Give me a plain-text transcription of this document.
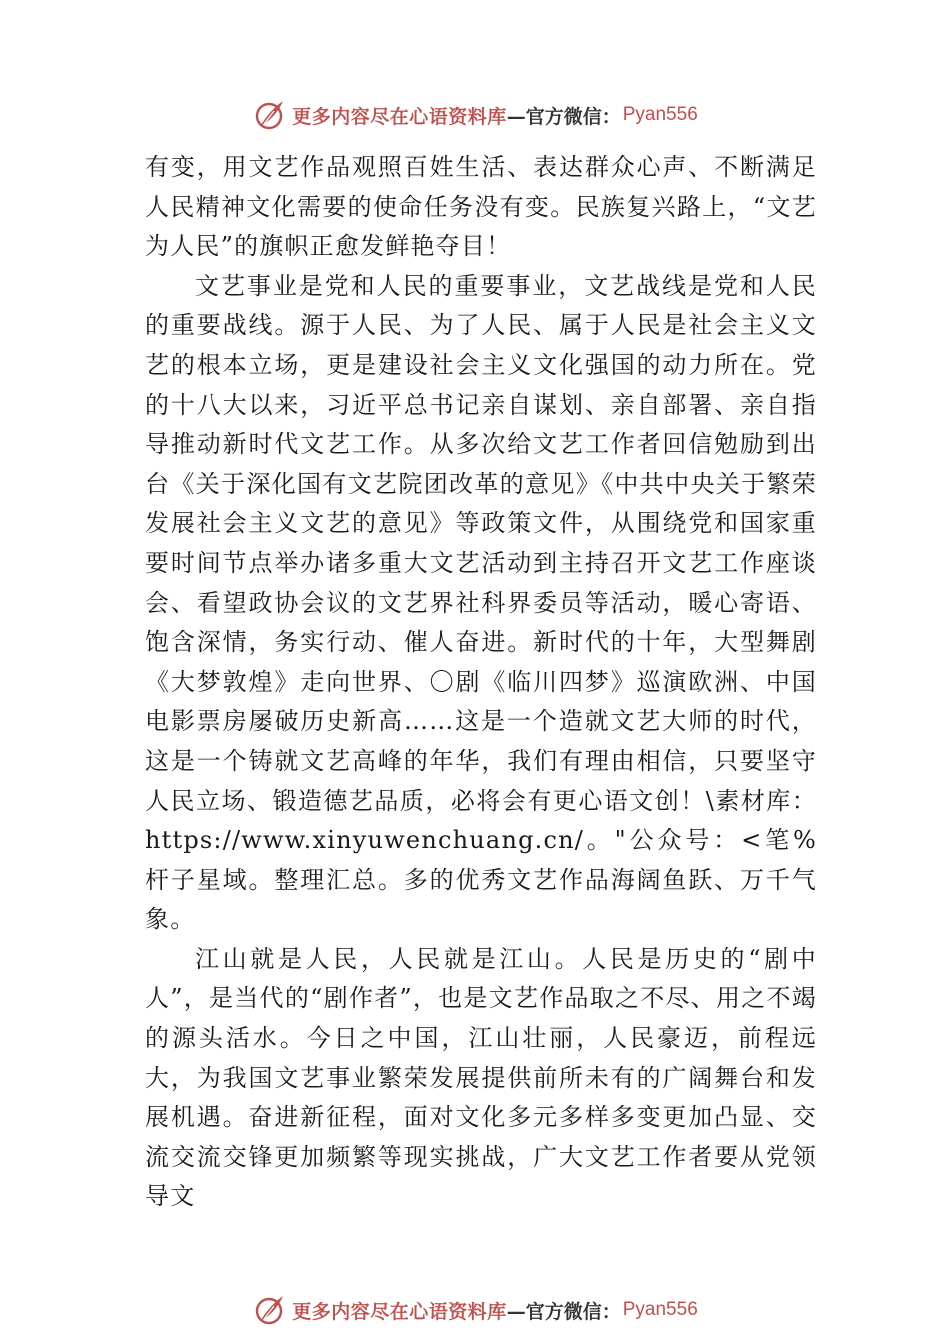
更多内容尽在心语资料库 —官方微信： Pyan556

有变，用文艺作品观照百姓生活、表达群众心声、不断满足人民精神文化需要的使命任务没有变。民族复兴路上，“文艺为人民”的旗帜正愈发鲜艳夺目！

文艺事业是党和人民的重要事业，文艺战线是党和人民的重要战线。源于人民、为了人民、属于人民是社会主义文艺的根本立场，更是建设社会主义文化强国的动力所在。党的十八大以来，习近平总书记亲自谋划、亲自部署、亲自指导推动新时代文艺工作。从多次给文艺工作者回信勉励到出台《关于深化国有文艺院团改革的意见》《中共中央关于繁荣发展社会主义文艺的意见》等政策文件，从围绕党和国家重要时间节点举办诸多重大文艺活动到主持召开文艺工作座谈会、看望政协会议的文艺界社科界委员等活动，暖心寄语、饱含深情，务实行动、催人奋进。新时代的十年，大型舞剧《大梦敦煌》走向世界、〇剧《临川四梦》巡演欧洲、中国电影票房屡破历史新高……这是一个造就文艺大师的时代，这是一个铸就文艺高峰的年华，我们有理由相信，只要坚守人民立场、锻造德艺品质，必将会有更心语文创！\素材库：https://www.xinyuwenchuang.cn/。"公众号：<笔%杆子星域。整理汇总。多的优秀文艺作品海阔鱼跃、万千气象。

江山就是人民，人民就是江山。人民是历史的“剧中人”，是当代的“剧作者”，也是文艺作品取之不尽、用之不竭的源头活水。今日之中国，江山壮丽，人民豪迈，前程远大，为我国文艺事业繁荣发展提供前所未有的广阔舞台和发展机遇。奋进新征程，面对文化多元多样多变更加凸显、交流交流交锋更加频繁等现实挑战，广大文艺工作者要从党领导文

更多内容尽在心语资料库 —官方微信： Pyan556
